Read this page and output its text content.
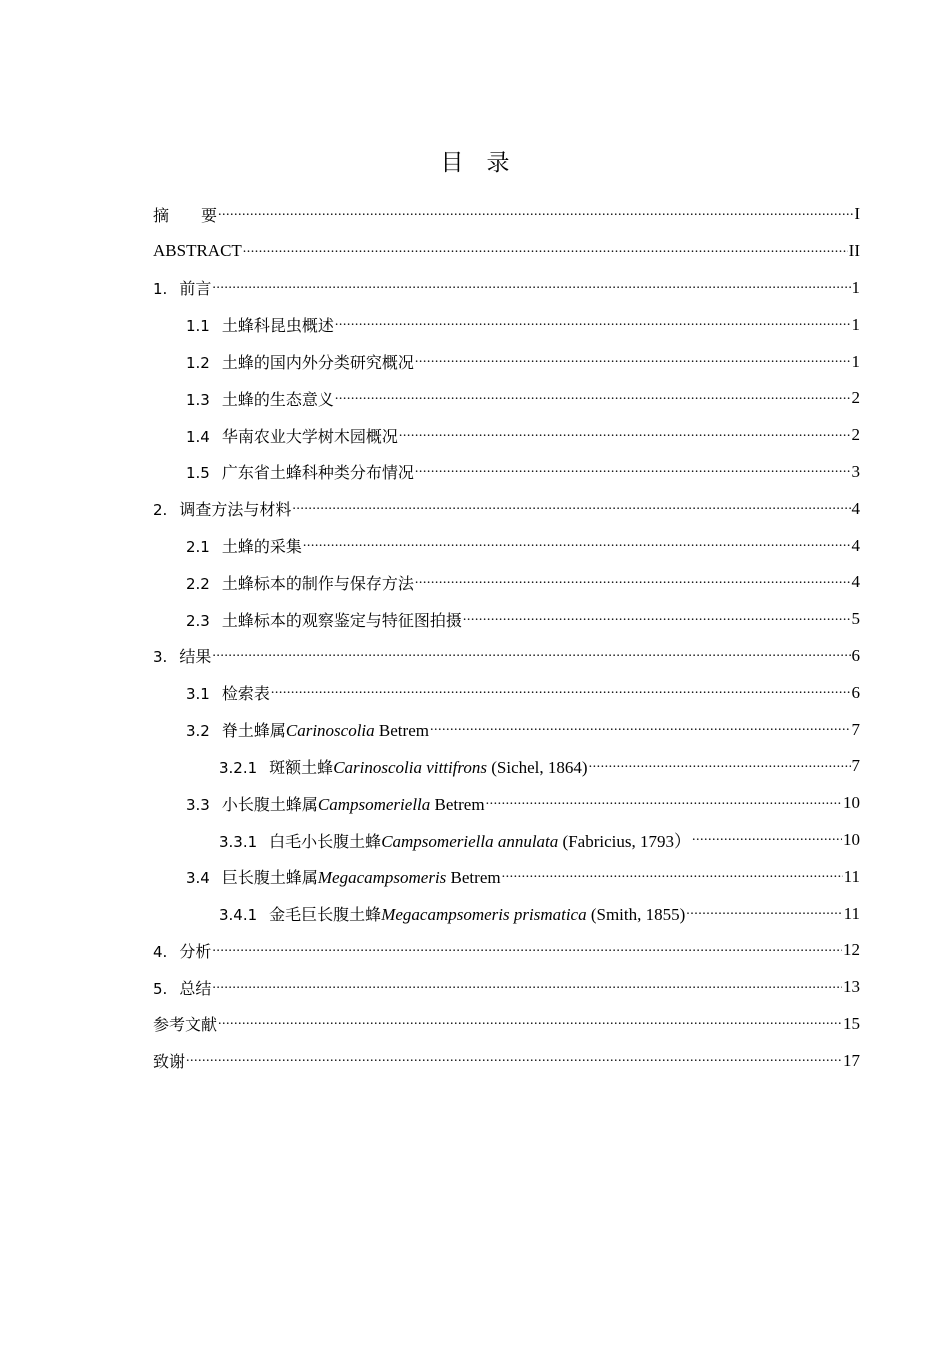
目　录
摘　　要 .....	I
ABSTRACT .....	II
1. 前言 .....	1
1.1 土蜂科昆虫概述 .....	1
1.2 土蜂的国内外分类研究概况 .....	1
1.3 土蜂的生态意义 .....	2
1.4 华南农业大学树木园概况 .....	2
1.5 广东省土蜂科种类分布情况 .....	3
2. 调查方法与材料 .....	4
2.1 土蜂的采集 .....	4
2.2 土蜂标本的制作与保存方法 .....	4
2.3 土蜂标本的观察鉴定与特征图拍摄 .....	5
3. 结果 .....	6
3.1 检索表 .....	6
3.2 脊土蜂属Carinoscolia Betrem .....	7
3.2.1 斑额土蜂Carinoscolia vittifrons (Sichel, 1864) .....	7
3.3 小长腹土蜂属Campsomeriella Betrem .....	10
3.3.1 白毛小长腹土蜂Campsomeriella annulata (Fabricius, 1793） .....	10
3.4 巨长腹土蜂属Megacampsomeris Betrem .....	11
3.4.1 金毛巨长腹土蜂Megacampsomeris prismatica (Smith, 1855) .....	11
4. 分析 .....	12
5. 总结 .....	13
参考文献 .....	15
致谢 .....	17
